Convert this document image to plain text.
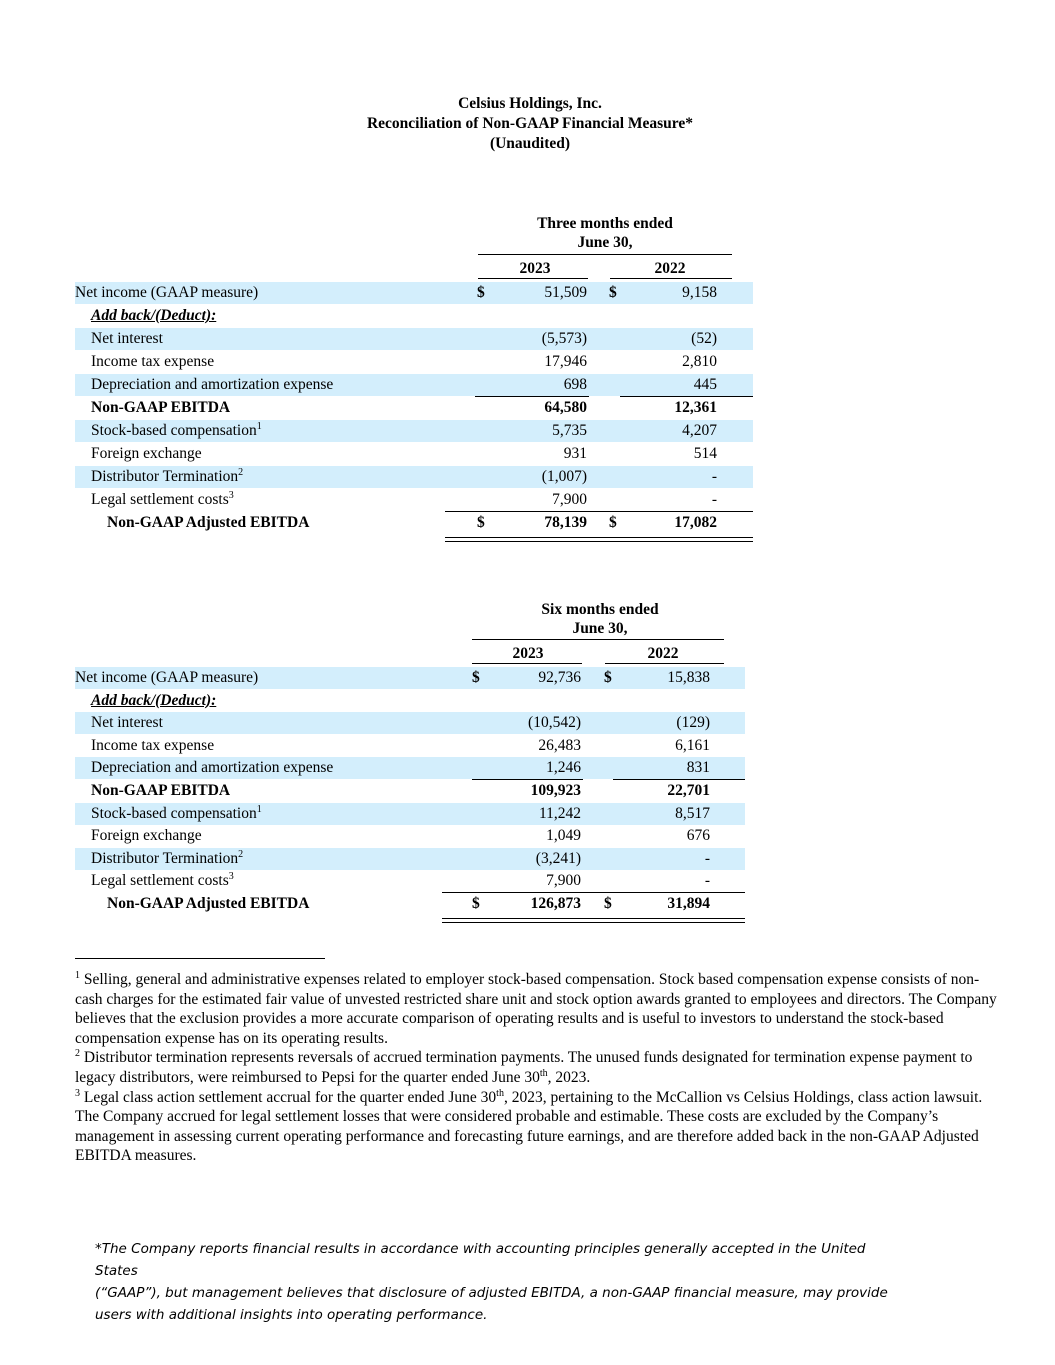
Celsius Holdings, Inc.
Reconciliation of Non-GAAP Financial Measure*
(Unaudited)
Three months ended
June 30,
2023	2022
Net income (GAAP measure)	$	51,509 $	9,158
Add back/(Deduct):
Net interest	(5,573)	(52)
Income tax expense	17,946	2,810
Depreciation and amortization expense	698	445
Non-GAAP EBITDA	64,580	12,361
Stock-based compensation$^1$	5,735	4,207
Foreign exchange	931	514
Distributor Termination$^2$	(1,007)	-
Legal settlement costs$^3$	7,900	-
Non-GAAP Adjusted EBITDA	$	78,139 $	17,082
Six months ended
June 30,
2023	2022
Net income (GAAP measure)	$	92,736 $	15,838
Add back/(Deduct):
Net interest	(10,542)	(129)
Income tax expense	26,483	6,161
Depreciation and amortization expense	1,246	831
Non-GAAP EBITDA	109,923	22,701
Stock-based compensation$^1$	11,242	8,517
Foreign exchange	1,049	676
Distributor Termination$^2$	(3,241)	-
Legal settlement costs$^3$	7,900	-
Non-GAAP Adjusted EBITDA	$	126,873 $	31,894

$^1$ Selling, general and administrative expenses related to employer stock-based compensation. Stock based compensation expense consists of non-cash charges for the estimated fair value of unvested restricted share unit and stock option awards granted to employees and directors. The Company believes that the exclusion provides a more accurate comparison of operating results and is useful to investors to understand the stock-based compensation expense has on its operating results.

$^2$ Distributor termination represents reversals of accrued termination payments. The unused funds designated for termination expense payment to legacy distributors, were reimbursed to Pepsi for the quarter ended June 30th, 2023.

$^3$ Legal class action settlement accrual for the quarter ended June 30th, 2023, pertaining to the McCallion vs Celsius Holdings, class action lawsuit. The Company accrued for legal settlement losses that were considered probable and estimable. These costs are excluded by the Company’s management in assessing current operating performance and forecasting future earnings, and are therefore added back in the non-GAAP Adjusted EBITDA measures.

*The Company reports financial results in accordance with accounting principles generally accepted in the United States

(“GAAP”), but management believes that disclosure of adjusted EBITDA, a non-GAAP financial measure, may provide

users with additional insights into operating performance.
